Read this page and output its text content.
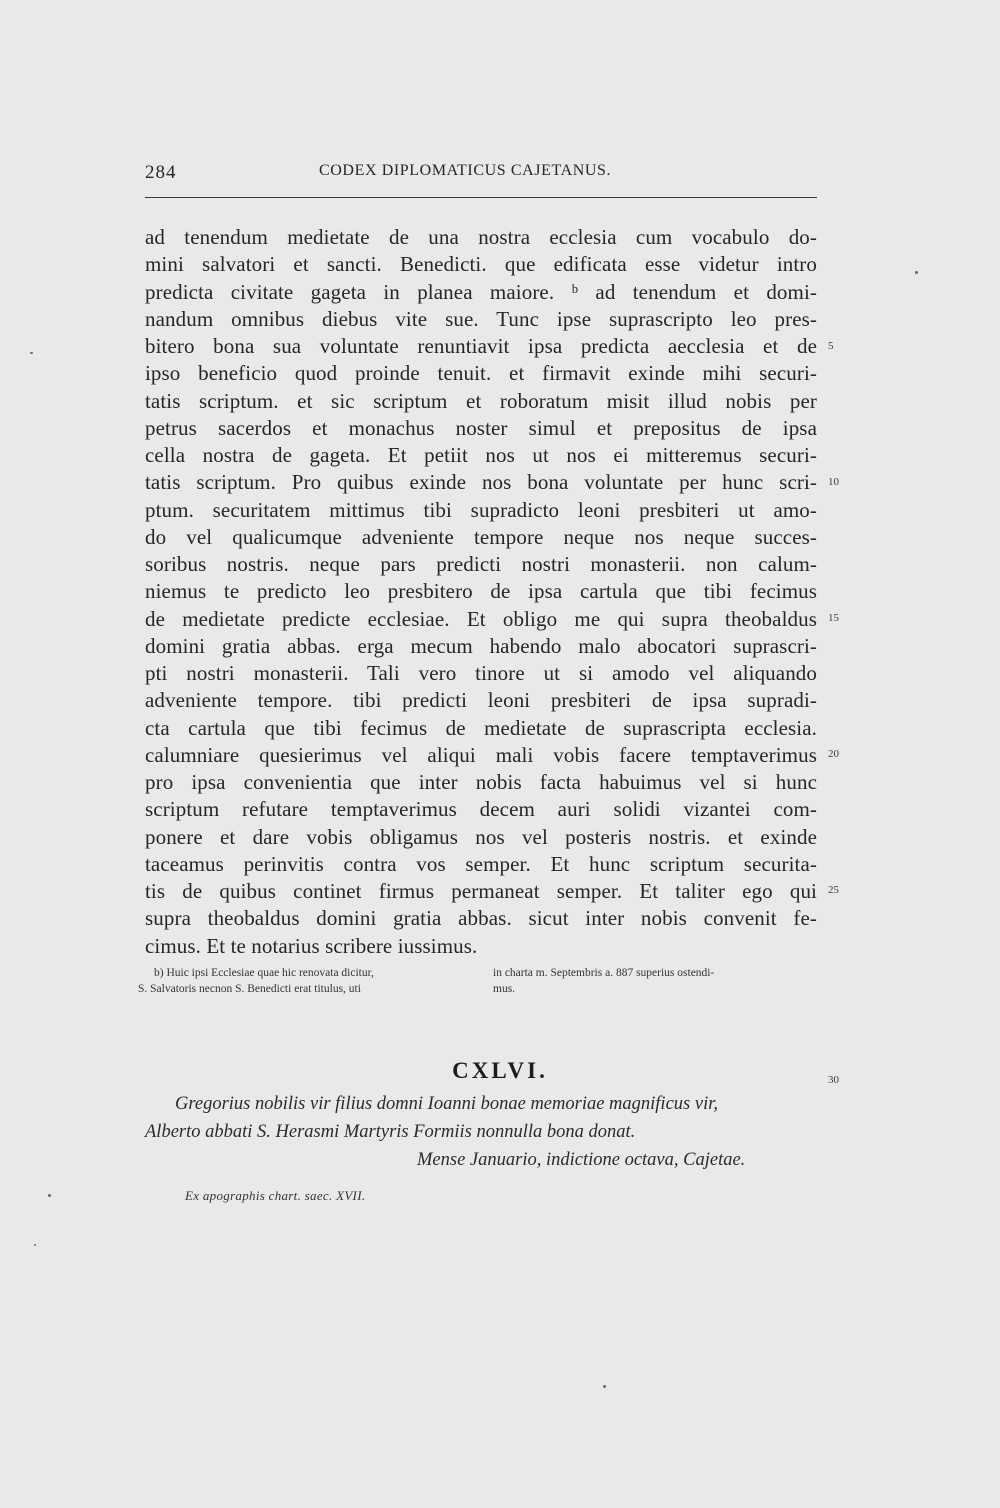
284	CODEX DIPLOMATICUS CAJETANUS.
ad tenendum medietate de una nostra ecclesia cum vocabulo do-
mini salvatori et sancti. Benedicti. que edificata esse videtur intro
predicta civitate gageta in planea maiore. ᵇ ad tenendum et domi-
nandum omnibus diebus vite sue. Tunc ipse suprascripto leo pres-
bitero bona sua voluntate renuntiavit ipsa predicta aecclesia et de
ipso beneficio quod proinde tenuit. et firmavit exinde mihi securi-
tatis scriptum. et sic scriptum et roboratum misit illud nobis per
petrus sacerdos et monachus noster simul et prepositus de ipsa
cella nostra de gageta. Et petiit nos ut nos ei mitteremus securi-
tatis scriptum. Pro quibus exinde nos bona voluntate per hunc scri-
ptum. securitatem mittimus tibi supradicto leoni presbiteri ut amo-
do vel qualicumque adveniente tempore neque nos neque succes-
soribus nostris. neque pars predicti nostri monasterii. non calum-
niemus te predicto leo presbitero de ipsa cartula que tibi fecimus
de medietate predicte ecclesiae. Et obligo me qui supra theobaldus
domini gratia abbas. erga mecum habendo malo abocatori suprascri-
pti nostri monasterii. Tali vero tinore ut si amodo vel aliquando
adveniente tempore. tibi predicti leoni presbiteri de ipsa supradi-
cta cartula que tibi fecimus de medietate de suprascripta ecclesia.
calumniare quesierimus vel aliqui mali vobis facere temptaverimus
pro ipsa convenientia que inter nobis facta habuimus vel si hunc
scriptum refutare temptaverimus decem auri solidi vizantei com-
ponere et dare vobis obligamus nos vel posteris nostris. et exinde
taceamus perinvitis contra vos semper. Et hunc scriptum securita-
tis de quibus continet firmus permaneat semper. Et taliter ego qui
supra theobaldus domini gratia abbas. sicut inter nobis convenit fe-
cimus. Et te notarius scribere iussimus.
5
10
15
20
25
30
b) Huic ipsi Ecclesiae quae hic renovata dicitur,
S. Salvatoris necnon S. Benedicti erat titulus, uti
in charta m. Septembris a. 887 superius ostendi-
mus.
CXLVI.
Gregorius nobilis vir filius domni Ioanni bonae memoriae magnificus vir,
Alberto abbati S. Herasmi Martyris Formiis nonnulla bona donat.
Mense Januario, indictione octava, Cajetae.
Ex apographis chart. saec. XVII.
